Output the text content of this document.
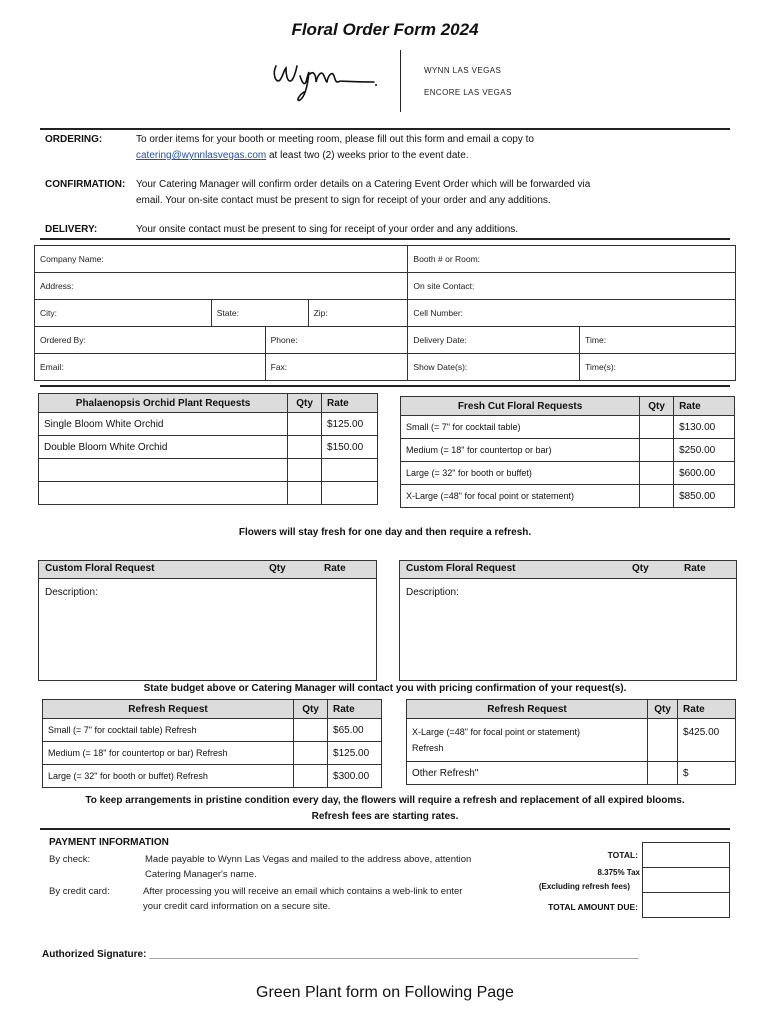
Floral Order Form 2024
WYNN LAS VEGAS
ENCORE LAS VEGAS
ORDERING:	To order items for your booth or meeting room, please fill out this form and email a copy to
catering@wynnlasvegas.com at least two (2) weeks prior to the event date.
CONFIRMATION: Your Catering Manager will confirm order details on a Catering Event Order which will be forwarded via
email. Your on-site contact must be present to sign for receipt of your order and any additions.
DELIVERY:	Your onsite contact must be present to sing for receipt of your order and any additions.
Company Name:				Booth # or Room:	
Address:				On site Contact:	
City:	State:		Zip:	Cell Number:	
Ordered By:		Phone:		Delivery Date:	Time:
Email:		Fax:		Show Date(s):	Time(s):
Phalaenopsis Orchid Plant Requests	Qty	Rate
Single Bloom White Orchid		$125.00
Double Bloom White Orchid		$150.00

Fresh Cut Floral Requests	Qty	Rate
Small (= 7" for cocktail table)		$130.00
Medium (= 18" for countertop or bar)		$250.00
Large (= 32" for booth or buffet)		$600.00
X-Large (=48" for focal point or statement)		$850.00
Flowers will stay fresh for one day and then require a refresh.
Custom Floral Request	Qty	Rate
Description:
Custom Floral Request	Qty	Rate
Description:
State budget above or Catering Manager will contact you with pricing confirmation of your request(s).
Refresh Request	Qty	Rate
Small (= 7" for cocktail table) Refresh		$65.00
Medium (= 18" for countertop or bar) Refresh		$125.00
Large (= 32" for booth or buffet) Refresh		$300.00
Refresh Request	Qty	Rate
X-Large (=48" for focal point or statement)
Refresh		$425.00
Other Refresh"		$
To keep arrangements in pristine condition every day, the flowers will require a refresh and replacement of all expired blooms.
Refresh fees are starting rates.
PAYMENT INFORMATION
By check:	Made payable to Wynn Las Vegas and mailed to the address above, attention
Catering Manager's name.
By credit card:	After processing you will receive an email which contains a web-link to enter
your credit card information on a secure site.
TOTAL:
8.375% Tax
(Excluding refresh fees)
TOTAL AMOUNT DUE:
Authorized Signature: ________________________________________________________________________________________
Green Plant form on Following Page
